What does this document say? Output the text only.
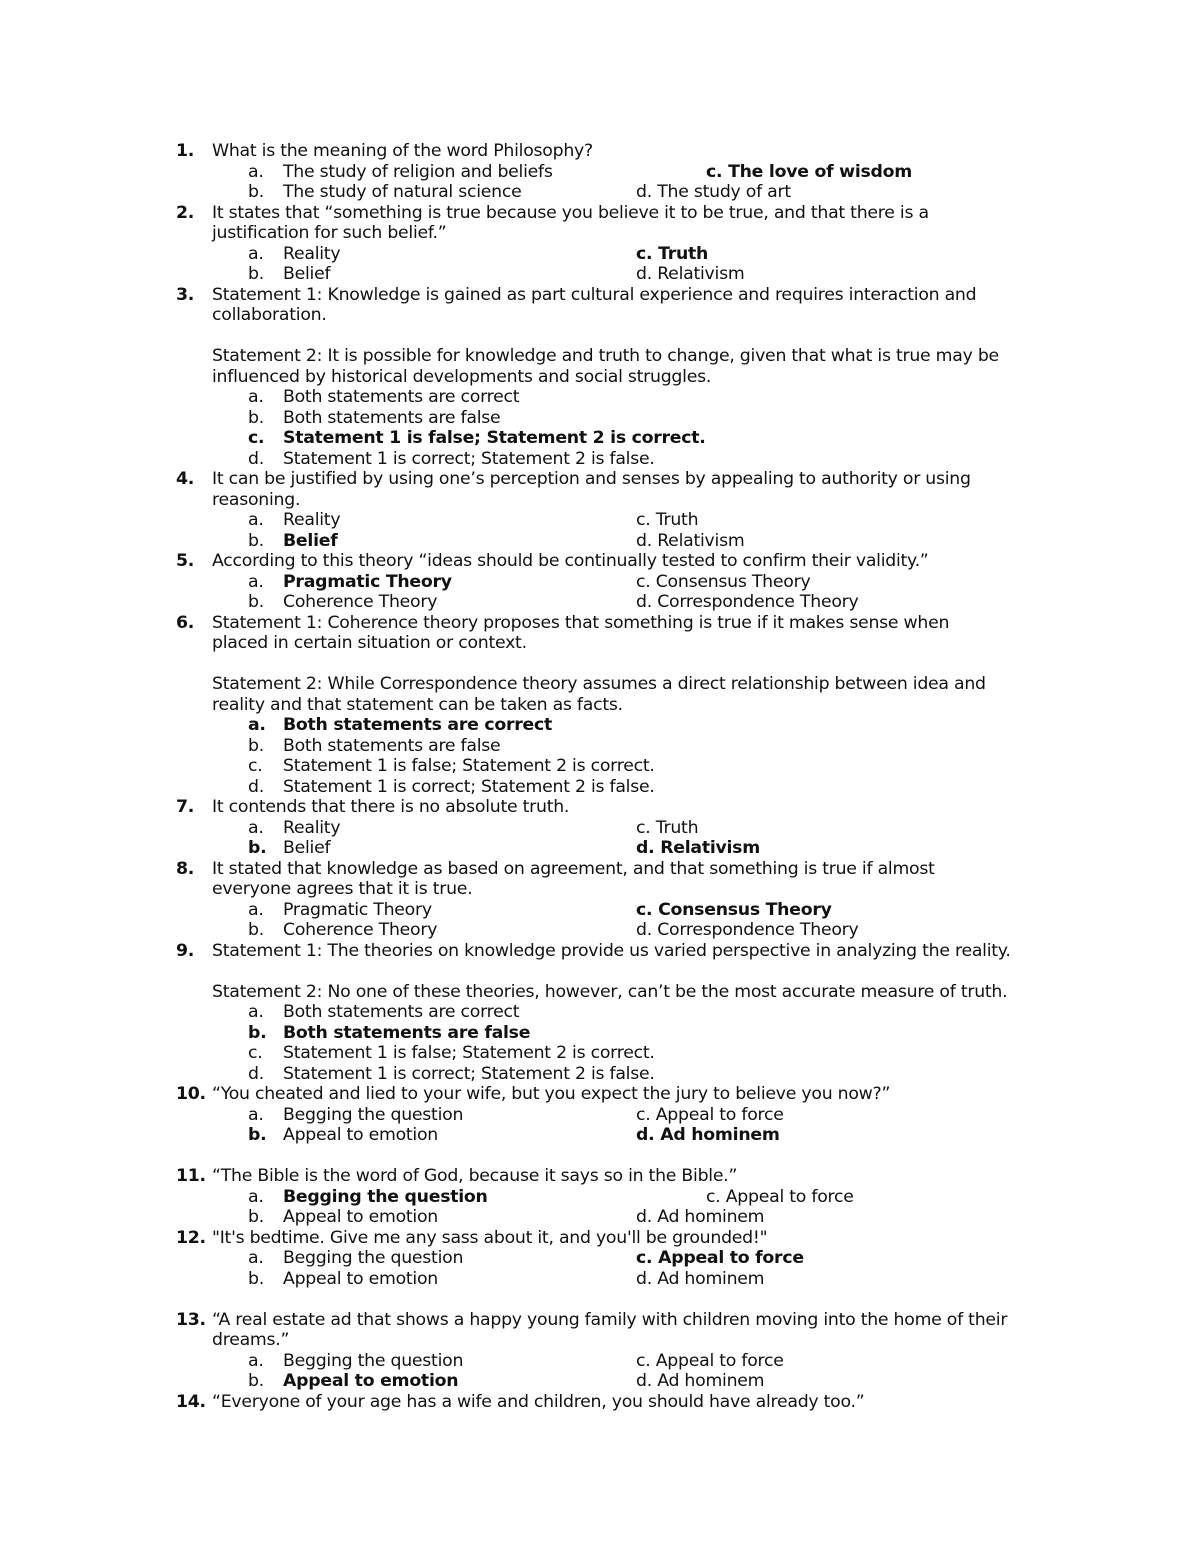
1.	What is the meaning of the word Philosophy?
a. The study of religion and beliefs	c. The love of wisdom
b. The study of natural science	d. The study of art
2.	It states that “something is true because you believe it to be true, and that there is a
justification for such belief.”
a. Reality	c. Truth
b. Belief	d. Relativism
3.	Statement 1: Knowledge is gained as part cultural experience and requires interaction and
collaboration.
Statement 2: It is possible for knowledge and truth to change, given that what is true may be
influenced by historical developments and social struggles.
a. Both statements are correct
b. Both statements are false
c. Statement 1 is false; Statement 2 is correct.
d. Statement 1 is correct; Statement 2 is false.
4.	It can be justified by using one’s perception and senses by appealing to authority or using
reasoning.
a. Reality	c. Truth
b. Belief	d. Relativism
5.	According to this theory “ideas should be continually tested to confirm their validity.”
a. Pragmatic Theory	c. Consensus Theory
b. Coherence Theory	d. Correspondence Theory
6.	Statement 1: Coherence theory proposes that something is true if it makes sense when
placed in certain situation or context.
Statement 2: While Correspondence theory assumes a direct relationship between idea and
reality and that statement can be taken as facts.
a. Both statements are correct
b. Both statements are false
c. Statement 1 is false; Statement 2 is correct.
d. Statement 1 is correct; Statement 2 is false.
7.	It contends that there is no absolute truth.
a. Reality	c. Truth
b. Belief	d. Relativism
8.	It stated that knowledge as based on agreement, and that something is true if almost
everyone agrees that it is true.
a. Pragmatic Theory	c. Consensus Theory
b. Coherence Theory	d. Correspondence Theory
9.	Statement 1: The theories on knowledge provide us varied perspective in analyzing the reality.
Statement 2: No one of these theories, however, can’t be the most accurate measure of truth.
a. Both statements are correct
b. Both statements are false
c. Statement 1 is false; Statement 2 is correct.
d. Statement 1 is correct; Statement 2 is false.
10. “You cheated and lied to your wife, but you expect the jury to believe you now?”
a. Begging the question	c. Appeal to force
b. Appeal to emotion	d. Ad hominem
11. “The Bible is the word of God, because it says so in the Bible.”
a. Begging the question	c. Appeal to force
b. Appeal to emotion	d. Ad hominem
12. "It's bedtime. Give me any sass about it, and you'll be grounded!"
a. Begging the question	c. Appeal to force
b. Appeal to emotion	d. Ad hominem
13. “A real estate ad that shows a happy young family with children moving into the home of their
dreams.”
a. Begging the question	c. Appeal to force
b. Appeal to emotion	d. Ad hominem
14. “Everyone of your age has a wife and children, you should have already too.”
